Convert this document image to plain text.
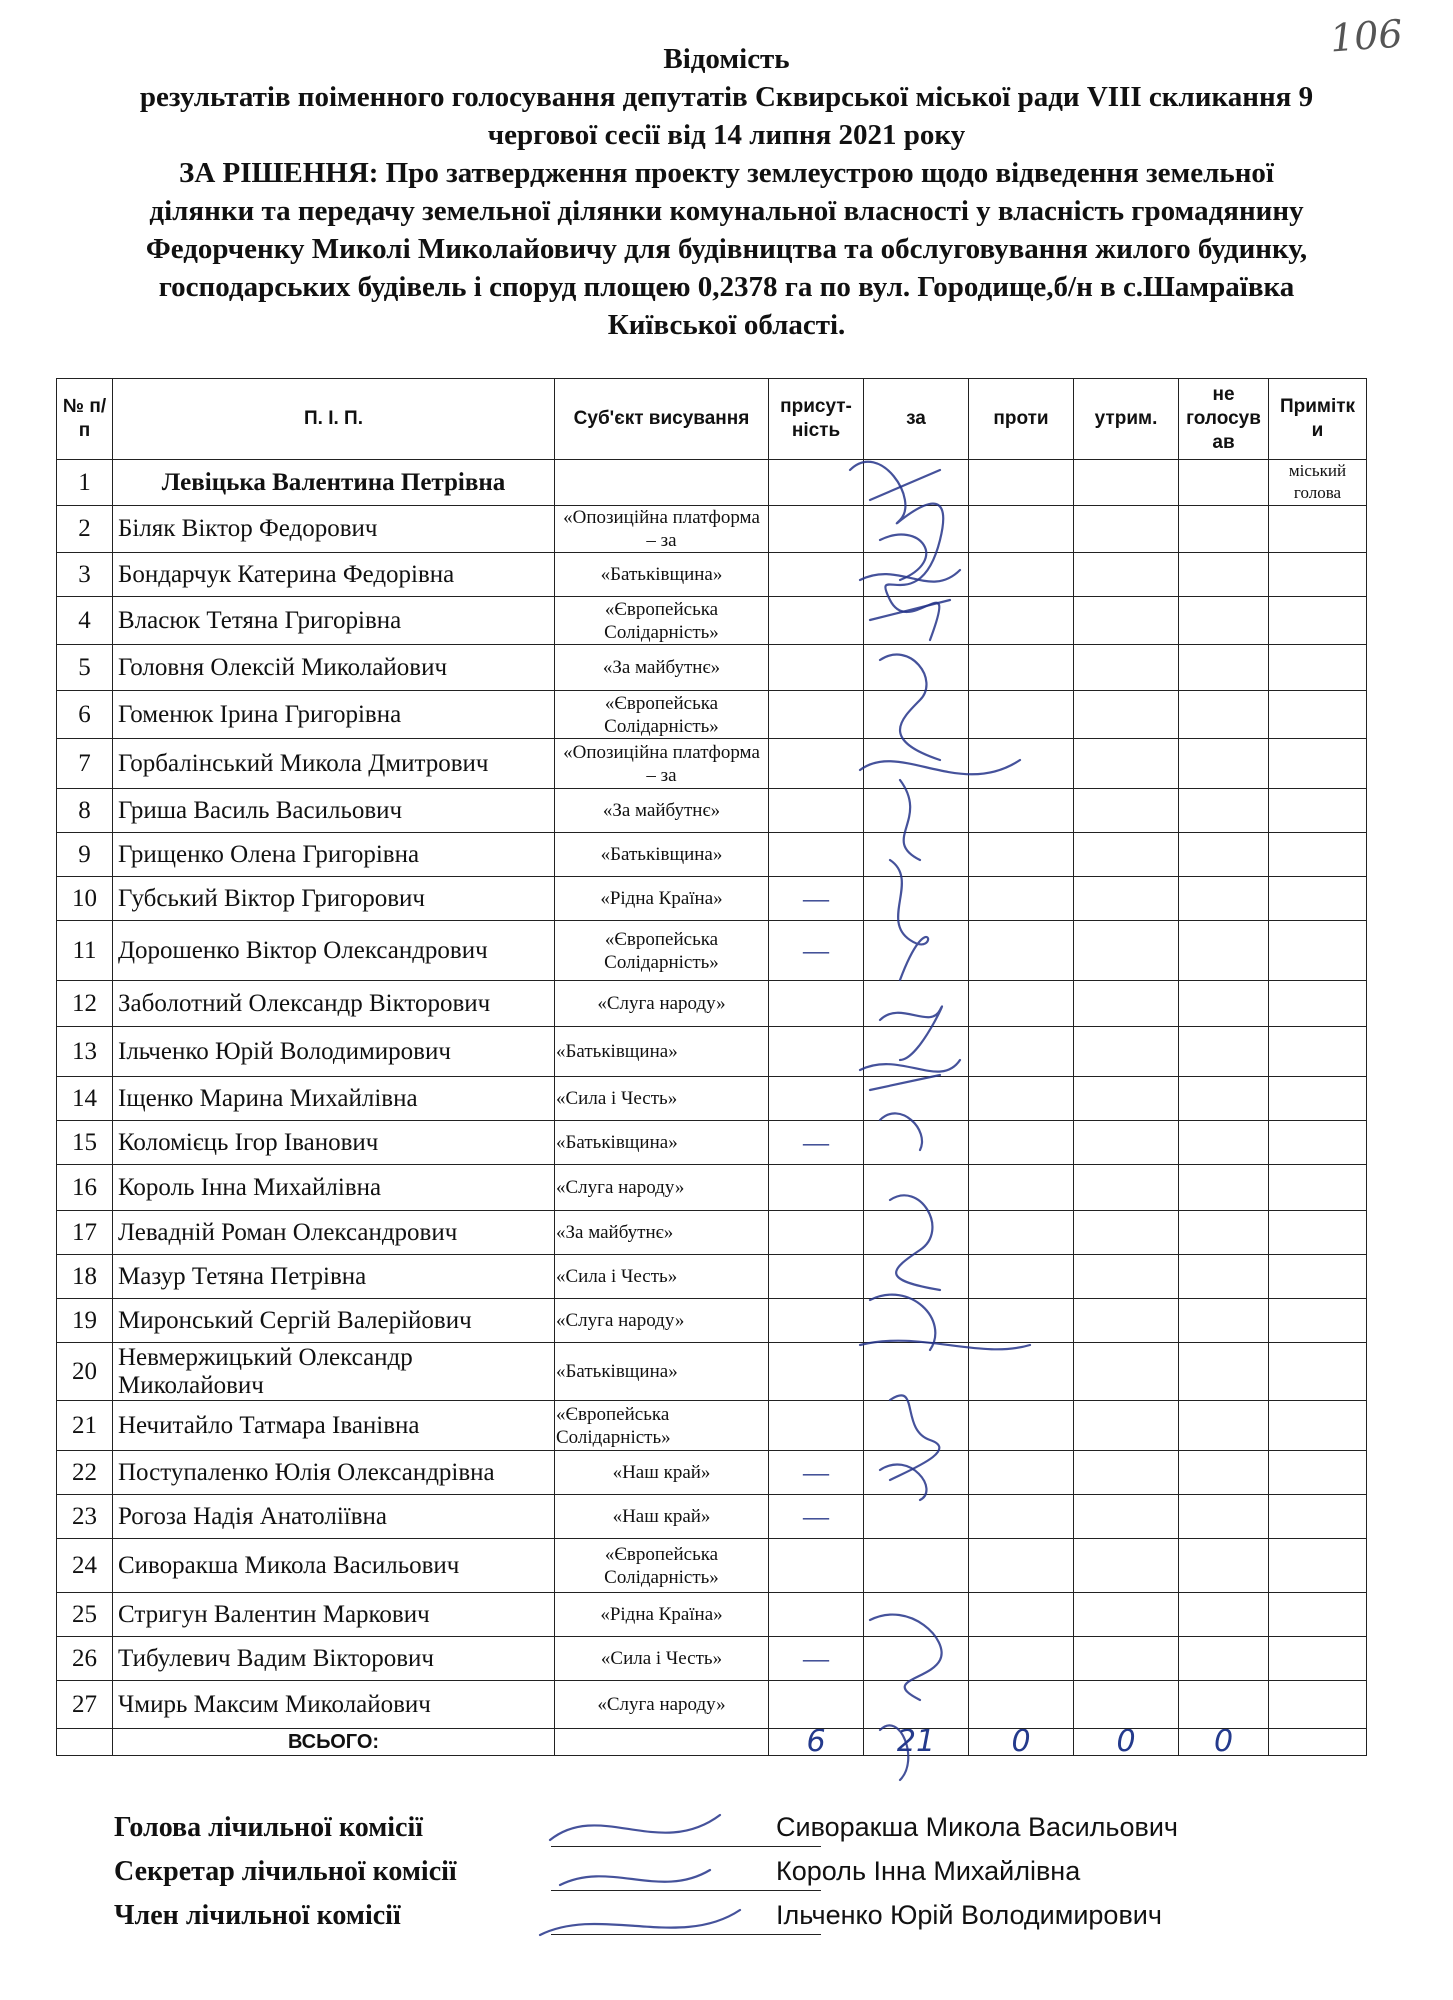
106
Відомість
результатів поіменного голосування депутатів Сквирської міської ради VIII скликання 9
чергової сесії від 14 липня 2021 року
ЗА РІШЕННЯ: Про затвердження проекту землеустрою щодо відведення земельної
ділянки та передачу земельної ділянки комунальної власності у власність громадянину
Федорченку Миколі Миколайовичу для будівництва та обслуговування жилого будинку,
господарських будівель і споруд площею 0,2378 га по вул. Городище,б/н в с.Шамраївка
Київської області.
№ п/п	П. І. П.	Суб'єкт висування	присут-ність	за	проти	утрим.	не голосув ав	Примітк и
1	Левіцька Валентина Петрівна							міський голова
2	Біляк Віктор Федорович	«Опозиційна платформа – за						
3	Бондарчук Катерина Федорівна	«Батьківщина»						
4	Власюк Тетяна Григорівна	«Європейська Солідарність»						
5	Головня Олексій Миколайович	«За майбутнє»						
6	Гоменюк Ірина Григорівна	«Європейська Солідарність»						
7	Горбалінський Микола Дмитрович	«Опозиційна платформа – за						
8	Гриша Василь Васильович	«За майбутнє»						
9	Грищенко Олена Григорівна	«Батьківщина»						
10	Губський Віктор Григорович	«Рідна Країна»	—					
11	Дорошенко Віктор Олександрович	«Європейська Солідарність»	—					
12	Заболотний Олександр Вікторович	«Слуга народу»						
13	Ільченко Юрій Володимирович	«Батьківщина»						
14	Іщенко Марина Михайлівна	«Сила і Честь»						
15	Коломієць Ігор Іванович	«Батьківщина»	—					
16	Король Інна Михайлівна	«Слуга народу»						
17	Левадній Роман Олександрович	«За майбутнє»						
18	Мазур Тетяна Петрівна	«Сила і Честь»						
19	Миронський Сергій Валерійович	«Слуга народу»						
20	Невмержицький Олександр Миколайович	«Батьківщина»						
21	Нечитайло Татмара Іванівна	«Європейська Солідарність»						
22	Поступаленко Юлія Олександрівна	«Наш край»	—					
23	Рогоза Надія Анатоліївна	«Наш край»	—					
24	Сиворакша Микола Васильович	«Європейська Солідарність»						
25	Стригун Валентин Маркович	«Рідна Країна»						
26	Тибулевич Вадим Вікторович	«Сила і Честь»	—					
27	Чмирь Максим Миколайович	«Слуга народу»						
	ВСЬОГО:		6	21	0	0	0	
Голова лічильної комісії	Сиворакша Микола Васильович
Секретар лічильної комісії	Король Інна Михайлівна
Член лічильної комісії	Ільченко Юрій Володимирович
